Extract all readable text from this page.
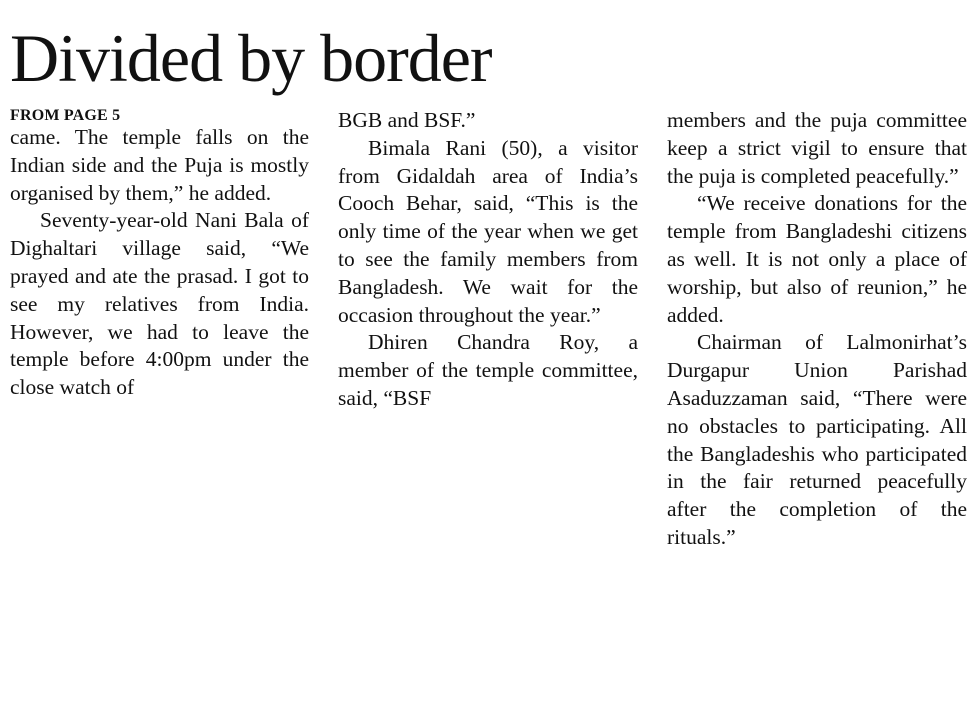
Divided by border
FROM PAGE 5

came. The temple falls on the Indian side and the Puja is mostly organised by them,” he added.

Seventy-year-old Nani Bala of Dighaltari village said, “We prayed and ate the prasad. I got to see my relatives from India. However, we had to leave the temple before 4:00pm under the close watch of

BGB and BSF.”

Bimala Rani (50), a visitor from Gidaldah area of India’s Cooch Behar, said, “This is the only time of the year when we get to see the family members from Bangladesh. We wait for the occasion throughout the year.”

Dhiren Chandra Roy, a member of the temple committee, said, “BSF

members and the puja committee keep a strict vigil to ensure that the puja is completed peacefully.”

“We receive donations for the temple from Bangladeshi citizens as well. It is not only a place of worship, but also of reunion,” he added.

Chairman of Lalmonirhat’s Durgapur Union Parishad Asaduzzaman said, “There were no obstacles to participating. All the Bangladeshis who participated in the fair returned peacefully after the completion of the rituals.”
